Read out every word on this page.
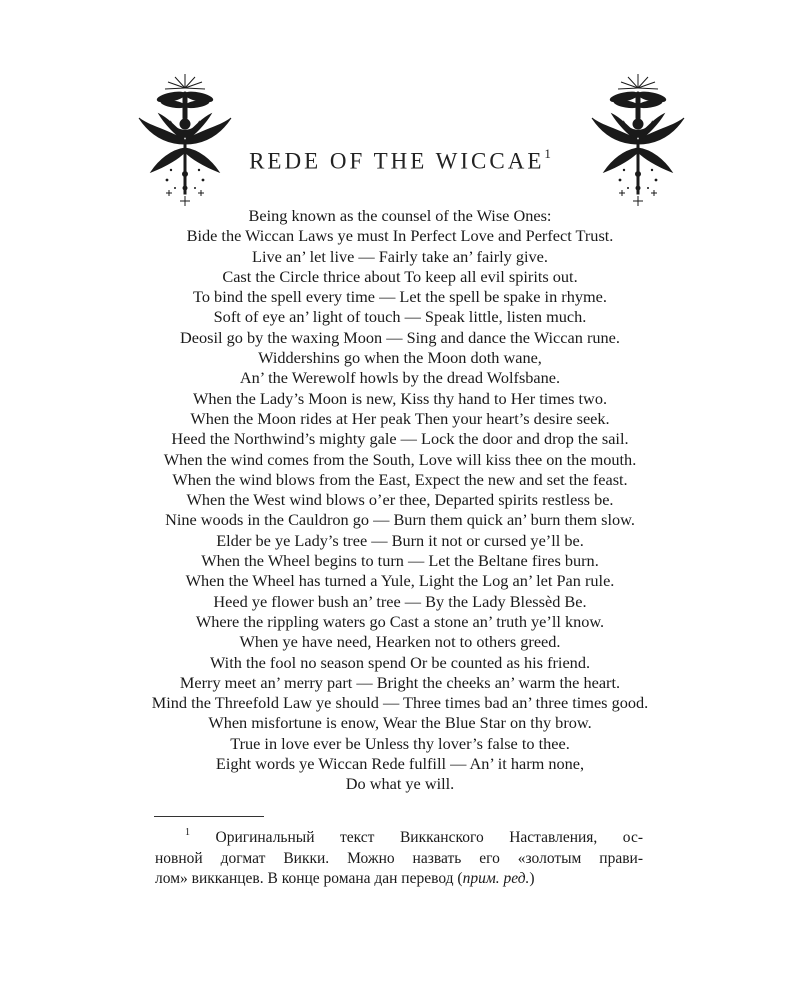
REDE OF THE WICCAE$^1$
Being known as the counsel of the Wise Ones:
Bide the Wiccan Laws ye must In Perfect Love and Perfect Trust.
Live an’ let live — Fairly take an’ fairly give.
Cast the Circle thrice about To keep all evil spirits out.
To bind the spell every time — Let the spell be spake in rhyme.
Soft of eye an’ light of touch — Speak little, listen much.
Deosil go by the waxing Moon — Sing and dance the Wiccan rune.
Widdershins go when the Moon doth wane,
An’ the Werewolf howls by the dread Wolfsbane.
When the Lady’s Moon is new, Kiss thy hand to Her times two.
When the Moon rides at Her peak Then your heart’s desire seek.
Heed the Northwind’s mighty gale — Lock the door and drop the sail.
When the wind comes from the South, Love will kiss thee on the mouth.
When the wind blows from the East, Expect the new and set the feast.
When the West wind blows o’er thee, Departed spirits restless be.
Nine woods in the Cauldron go — Burn them quick an’ burn them slow.
Elder be ye Lady’s tree — Burn it not or cursed ye’ll be.
When the Wheel begins to turn — Let the Beltane fires burn.
When the Wheel has turned a Yule, Light the Log an’ let Pan rule.
Heed ye flower bush an’ tree — By the Lady Blessèd Be.
Where the rippling waters go Cast a stone an’ truth ye’ll know.
When ye have need, Hearken not to others greed.
With the fool no season spend Or be counted as his friend.
Merry meet an’ merry part — Bright the cheeks an’ warm the heart.
Mind the Threefold Law ye should — Three times bad an’ three times good.
When misfortune is enow, Wear the Blue Star on thy brow.
True in love ever be Unless thy lover’s false to thee.
Eight words ye Wiccan Rede fulfill — An’ it harm none,
Do what ye will.
$^1$ Оригинальный текст Викканского Наставления, ос-
новной догмат Викки. Можно назвать его «золотым прави-
лом» викканцев. В конце романа дан перевод (прим. ред.)
